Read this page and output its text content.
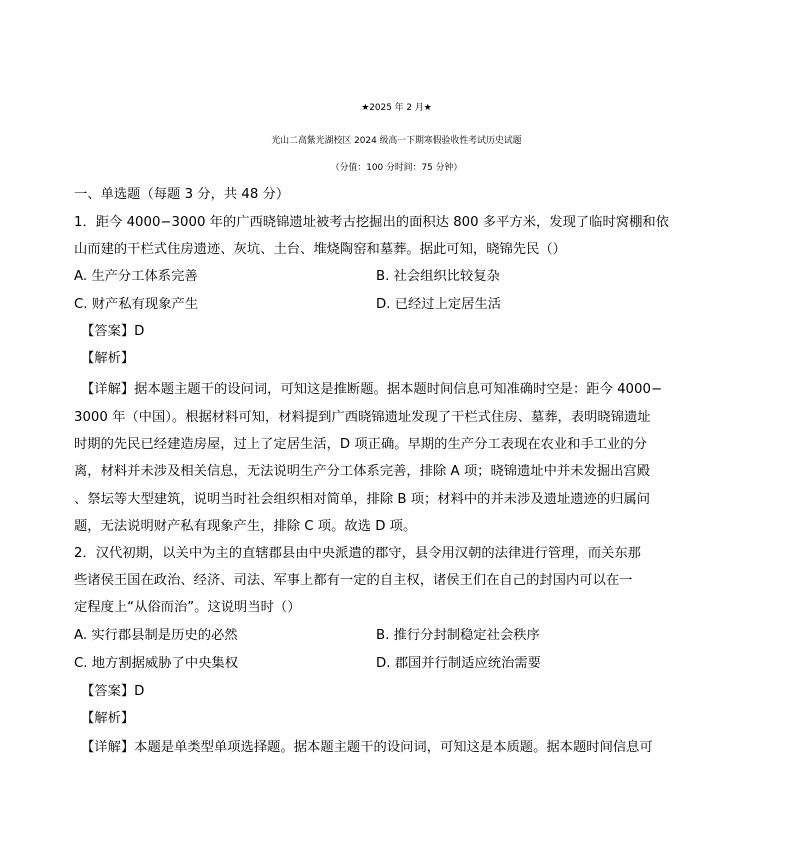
★2025 年 2 月★
光山二高紫光湖校区 2024 级高一下期寒假验收性考试历史试题
（分值：100 分时间：75 分钟）
一、单选题（每题 3 分，共 48 分）
1．距今 4000−3000 年的广西晓锦遗址被考古挖掘出的面积达 800 多平方米，发现了临时窝棚和依
山而建的干栏式住房遗迹、灰坑、土台、堆烧陶窑和墓葬。据此可知，晓锦先民（）
A. 生产分工体系完善	B. 社会组织比较复杂
C. 财产私有现象产生	D. 已经过上定居生活
【答案】D
【解析】
【详解】据本题主题干的设问词，可知这是推断题。据本题时间信息可知准确时空是：距今 4000−
3000 年（中国）。根据材料可知，材料提到广西晓锦遗址发现了干栏式住房、墓葬，表明晓锦遗址
时期的先民已经建造房屋，过上了定居生活，D 项正确。早期的生产分工表现在农业和手工业的分
离，材料并未涉及相关信息，无法说明生产分工体系完善，排除 A 项；晓锦遗址中并未发掘出宫殿
、祭坛等大型建筑，说明当时社会组织相对简单，排除 B 项；材料中的并未涉及遗址遗迹的归属问
题，无法说明财产私有现象产生，排除 C 项。故选 D 项。
2．汉代初期，以关中为主的直辖郡县由中央派遣的郡守，县令用汉朝的法律进行管理，而关东那
些诸侯王国在政治、经济、司法、军事上都有一定的自主权，诸侯王们在自己的封国内可以在一
定程度上“从俗而治”。这说明当时（）
A. 实行郡县制是历史的必然	B. 推行分封制稳定社会秩序
C. 地方割据威胁了中央集权	D. 郡国并行制适应统治需要
【答案】D
【解析】
【详解】本题是单类型单项选择题。据本题主题干的设问词，可知这是本质题。据本题时间信息可
